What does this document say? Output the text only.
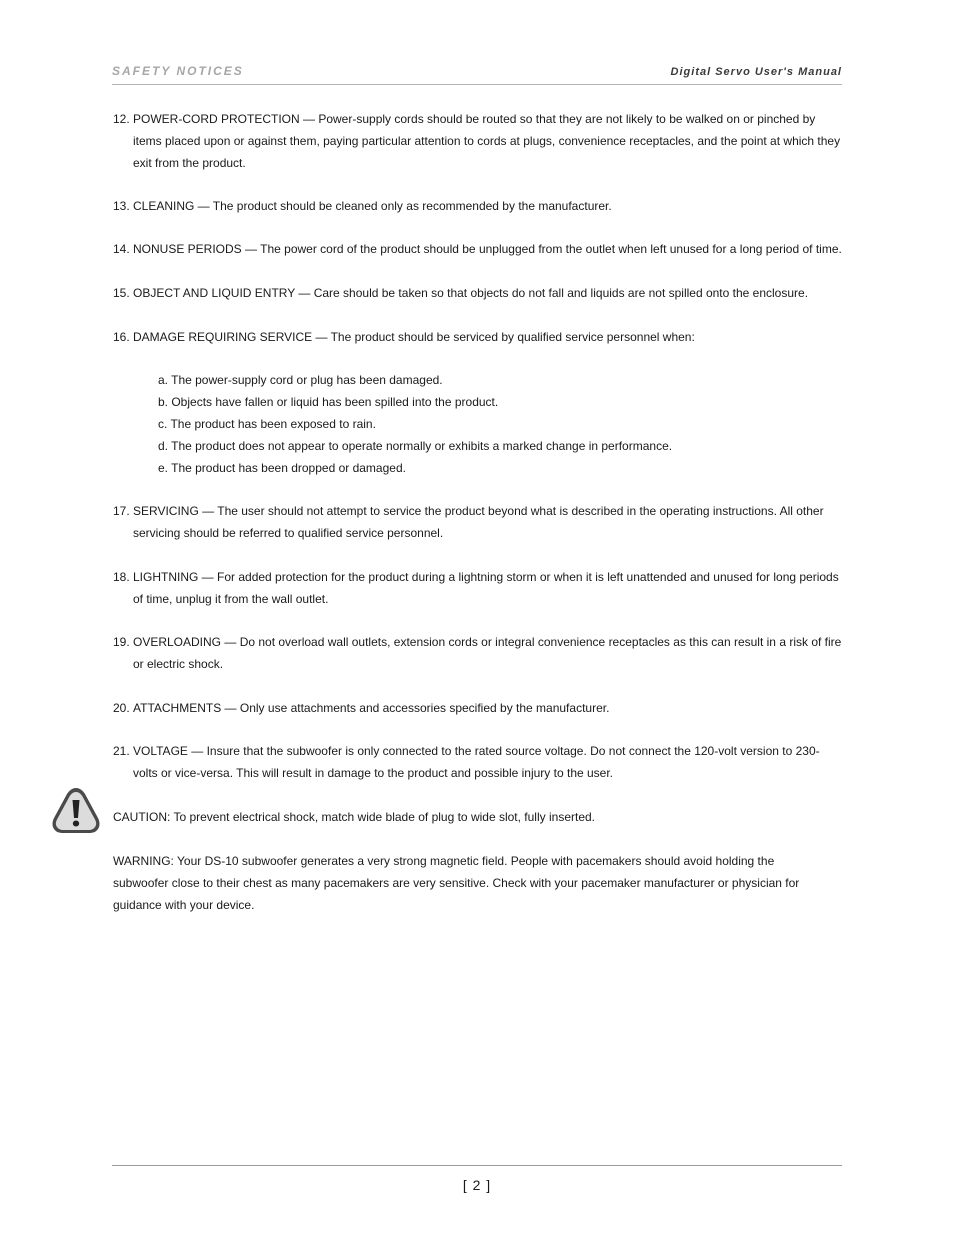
SAFETY NOTICES	Digital Servo User's Manual
12. POWER-CORD PROTECTION — Power-supply cords should be routed so that they are not likely to be walked on or pinched by items placed upon or against them, paying particular attention to cords at plugs, convenience receptacles, and the point at which they exit from the product.
13. CLEANING — The product should be cleaned only as recommended by the manufacturer.
14. NONUSE PERIODS — The power cord of the product should be unplugged from the outlet when left unused for a long period of time.
15. OBJECT AND LIQUID ENTRY — Care should be taken so that objects do not fall and liquids are not spilled onto the enclosure.
16. DAMAGE REQUIRING SERVICE — The product should be serviced by qualified service personnel when:
a. The power-supply cord or plug has been damaged.
b. Objects have fallen or liquid has been spilled into the product.
c. The product has been exposed to rain.
d. The product does not appear to operate normally or exhibits a marked change in performance.
e. The product has been dropped or damaged.
17. SERVICING — The user should not attempt to service the product beyond what is described in the operating instructions. All other servicing should be referred to qualified service personnel.
18. LIGHTNING — For added protection for the product during a lightning storm or when it is left unattended and unused for long periods of time, unplug it from the wall outlet.
19. OVERLOADING — Do not overload wall outlets, extension cords or integral convenience receptacles as this can result in a risk of fire or electric shock.
20. ATTACHMENTS — Only use attachments and accessories specified by the manufacturer.
21. VOLTAGE — Insure that the subwoofer is only connected to the rated source voltage. Do not connect the 120-volt version to 230-volts or vice-versa. This will result in damage to the product and possible injury to the user.
CAUTION: To prevent electrical shock, match wide blade of plug to wide slot, fully inserted.
WARNING: Your DS-10 subwoofer generates a very strong magnetic field. People with pacemakers should avoid holding the subwoofer close to their chest as many pacemakers are very sensitive. Check with your pacemaker manufacturer or physician for guidance with your device.
[ 2 ]
